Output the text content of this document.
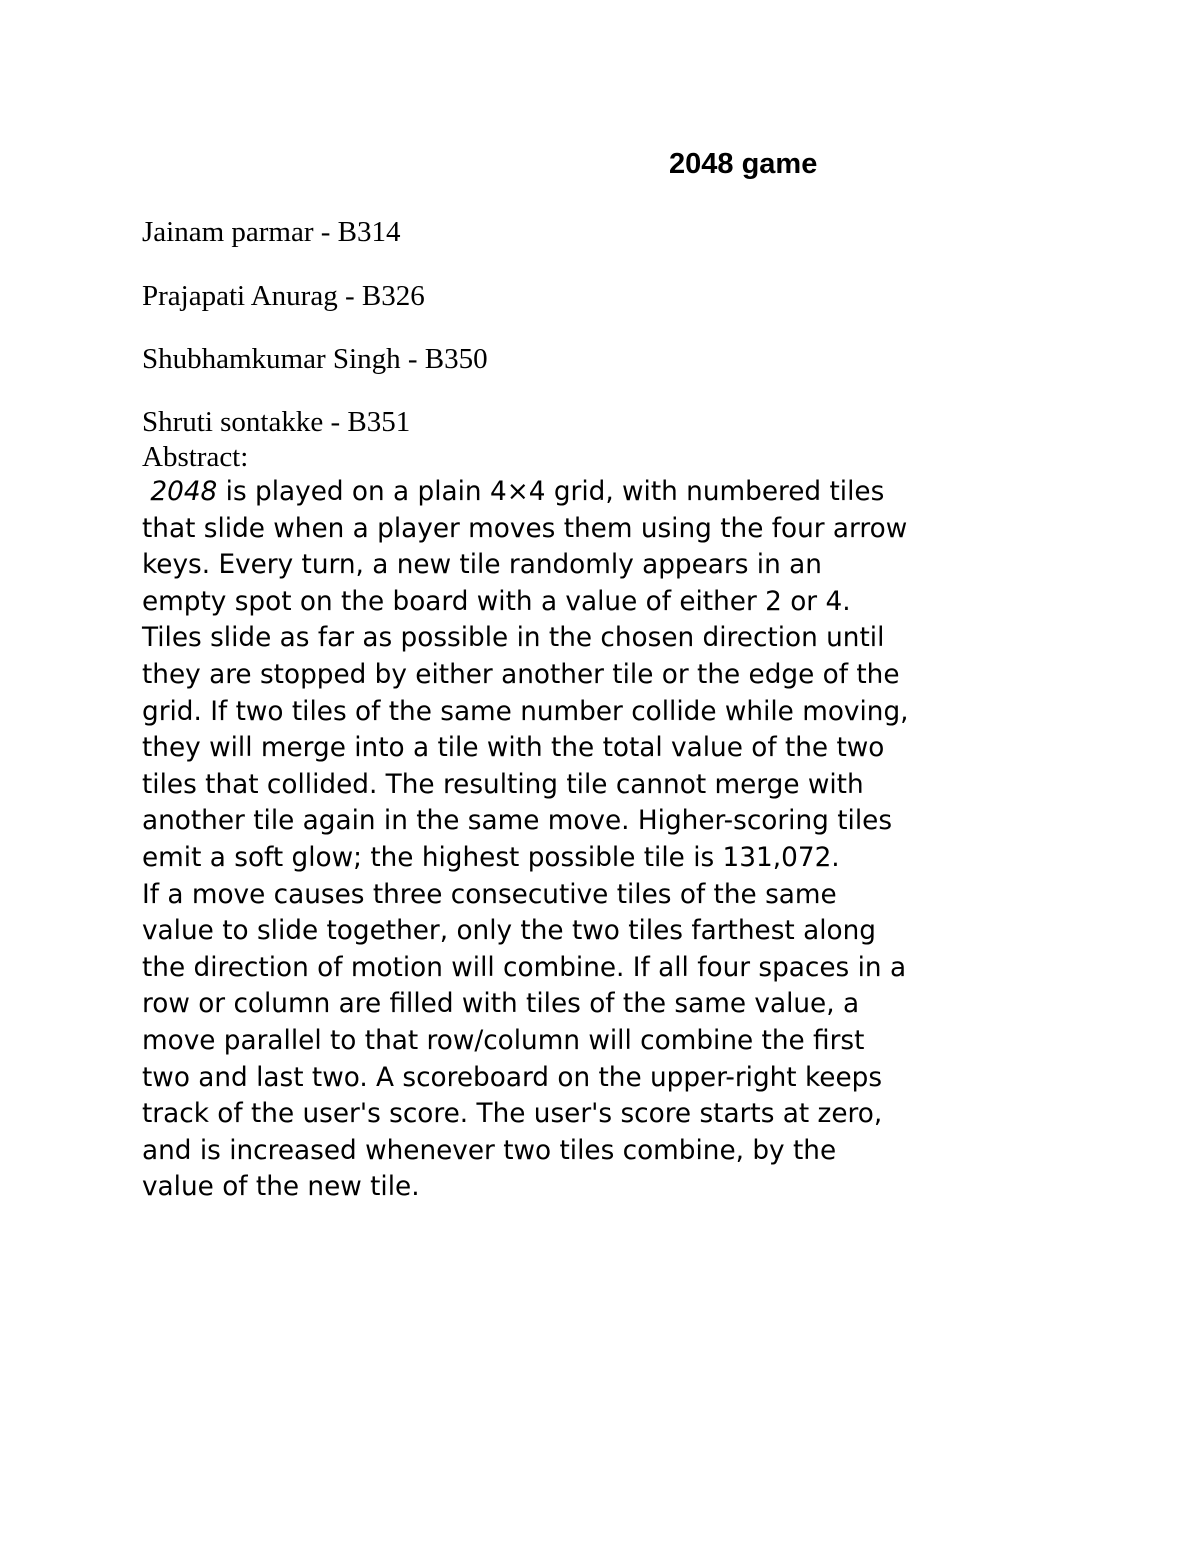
2048 game
Jainam parmar - B314
Prajapati Anurag - B326
Shubhamkumar Singh - B350
Shruti sontakke - B351
Abstract:
2048 is played on a plain 4×4 grid, with numbered tiles
that slide when a player moves them using the four arrow
keys. Every turn, a new tile randomly appears in an
empty spot on the board with a value of either 2 or 4.
Tiles slide as far as possible in the chosen direction until
they are stopped by either another tile or the edge of the
grid. If two tiles of the same number collide while moving,
they will merge into a tile with the total value of the two
tiles that collided. The resulting tile cannot merge with
another tile again in the same move. Higher-scoring tiles
emit a soft glow; the highest possible tile is 131,072.
If a move causes three consecutive tiles of the same
value to slide together, only the two tiles farthest along
the direction of motion will combine. If all four spaces in a
row or column are filled with tiles of the same value, a
move parallel to that row/column will combine the first
two and last two. A scoreboard on the upper-right keeps
track of the user's score. The user's score starts at zero,
and is increased whenever two tiles combine, by the
value of the new tile.
